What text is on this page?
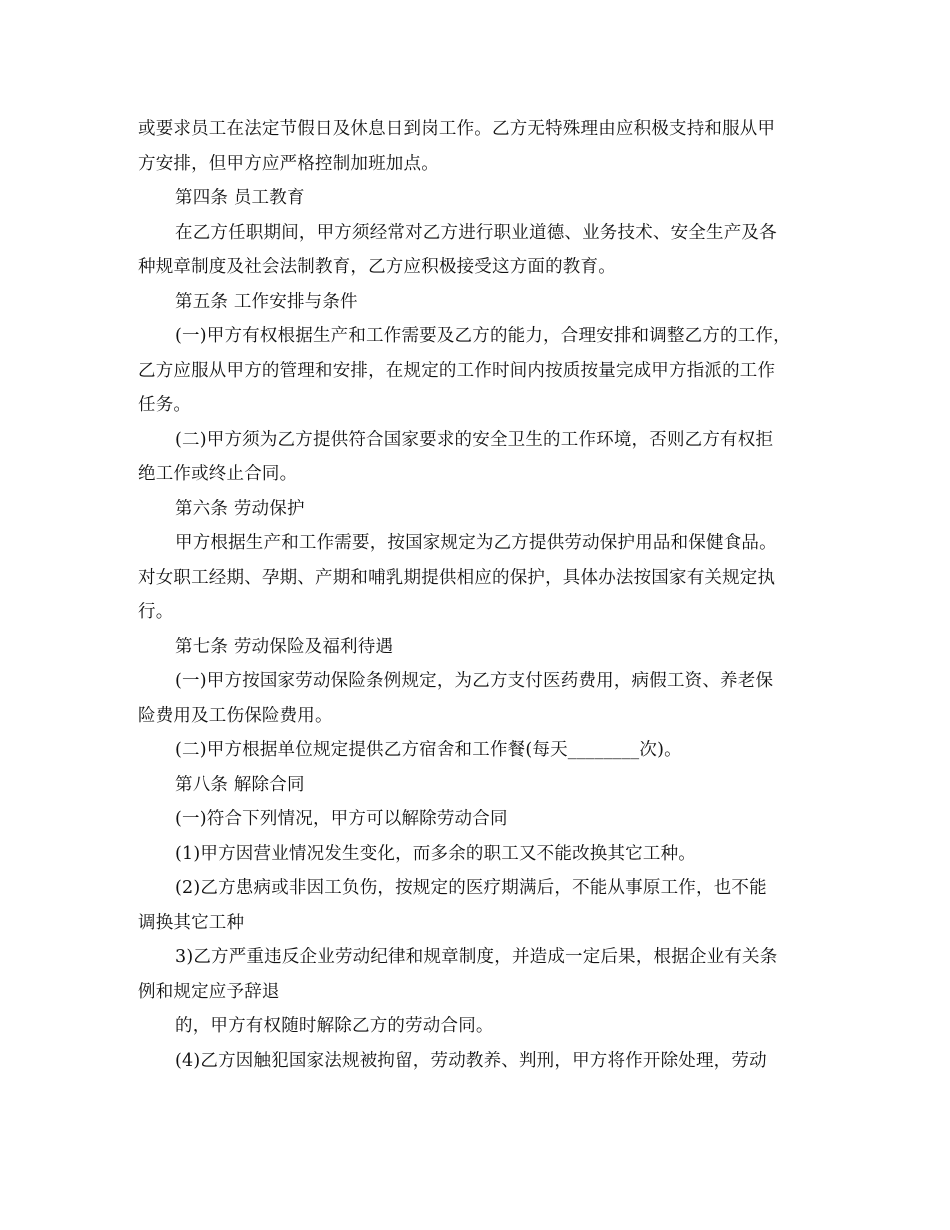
或要求员工在法定节假日及休息日到岗工作。乙方无特殊理由应积极支持和服从甲
方安排，但甲方应严格控制加班加点。
第四条 员工教育
在乙方任职期间，甲方须经常对乙方进行职业道德、业务技术、安全生产及各
种规章制度及社会法制教育，乙方应积极接受这方面的教育。
第五条 工作安排与条件
(一)甲方有权根据生产和工作需要及乙方的能力，合理安排和调整乙方的工作，
乙方应服从甲方的管理和安排，在规定的工作时间内按质按量完成甲方指派的工作
任务。
(二)甲方须为乙方提供符合国家要求的安全卫生的工作环境，否则乙方有权拒
绝工作或终止合同。
第六条 劳动保护
甲方根据生产和工作需要，按国家规定为乙方提供劳动保护用品和保健食品。
对女职工经期、孕期、产期和哺乳期提供相应的保护，具体办法按国家有关规定执
行。
第七条 劳动保险及福利待遇
(一)甲方按国家劳动保险条例规定，为乙方支付医药费用，病假工资、养老保
险费用及工伤保险费用。
(二)甲方根据单位规定提供乙方宿舍和工作餐(每天________次)。
第八条 解除合同
(一)符合下列情况，甲方可以解除劳动合同
(1)甲方因营业情况发生变化，而多余的职工又不能改换其它工种。
(2)乙方患病或非因工负伤，按规定的医疗期满后，不能从事原工作，也不能
调换其它工种
3)乙方严重违反企业劳动纪律和规章制度，并造成一定后果，根据企业有关条
例和规定应予辞退
的，甲方有权随时解除乙方的劳动合同。
(4)乙方因触犯国家法规被拘留，劳动教养、判刑，甲方将作开除处理，劳动
